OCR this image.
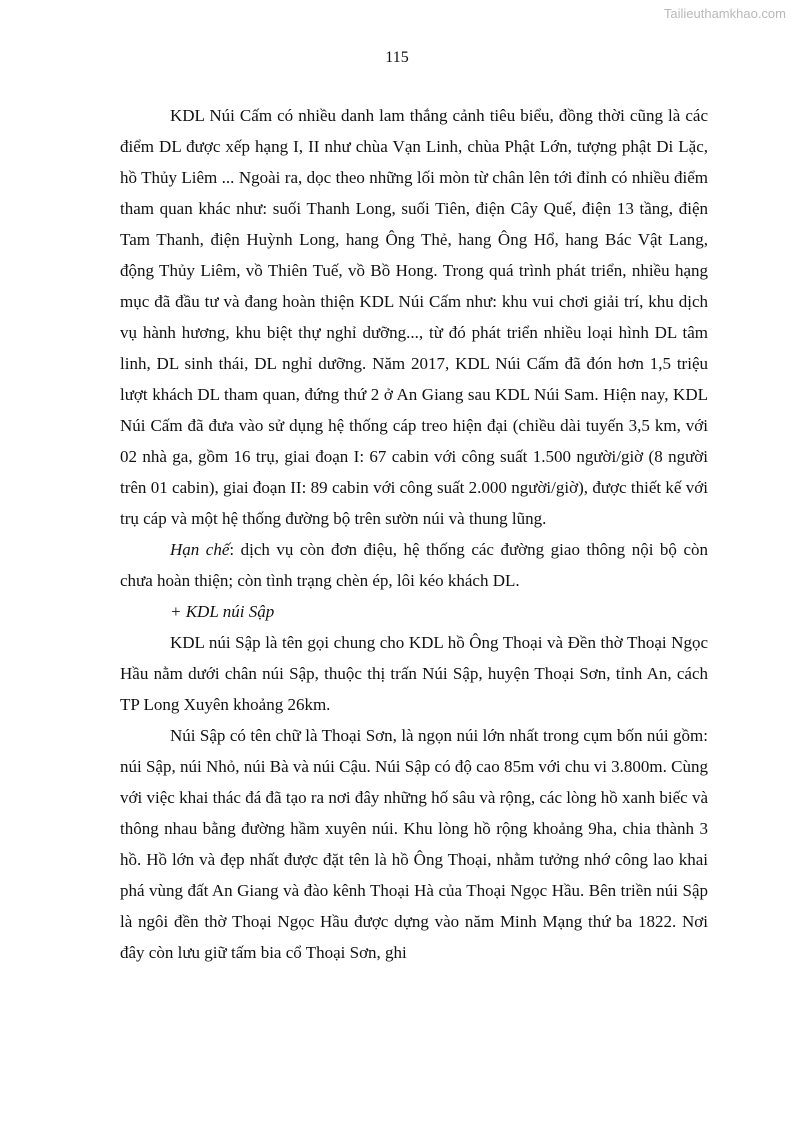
Tailieuthamkhao.com
115

KDL Núi Cấm có nhiều danh lam thắng cảnh tiêu biểu, đồng thời cũng là các điểm DL được xếp hạng I, II như chùa Vạn Linh, chùa Phật Lớn, tượng phật Di Lặc, hồ Thủy Liêm ... Ngoài ra, dọc theo những lối mòn từ chân lên tới đỉnh có nhiều điểm tham quan khác như: suối Thanh Long, suối Tiên, điện Cây Quế, điện 13 tầng, điện Tam Thanh, điện Huỳnh Long, hang Ông Thẻ, hang Ông Hổ, hang Bác Vật Lang, động Thủy Liêm, vồ Thiên Tuế, vồ Bồ Hong. Trong quá trình phát triển, nhiều hạng mục đã đầu tư và đang hoàn thiện KDL Núi Cấm như: khu vui chơi giải trí, khu dịch vụ hành hương, khu biệt thự nghỉ dưỡng..., từ đó phát triển nhiều loại hình DL tâm linh, DL sinh thái, DL nghỉ dưỡng. Năm 2017, KDL Núi Cấm đã đón hơn 1,5 triệu lượt khách DL tham quan, đứng thứ 2 ở An Giang sau KDL Núi Sam. Hiện nay, KDL Núi Cấm đã đưa vào sử dụng hệ thống cáp treo hiện đại (chiều dài tuyến 3,5 km, với 02 nhà ga, gồm 16 trụ, giai đoạn I: 67 cabin với công suất 1.500 người/giờ (8 người trên 01 cabin), giai đoạn II: 89 cabin với công suất 2.000 người/giờ), được thiết kế với trụ cáp và một hệ thống đường bộ trên sườn núi và thung lũng.

Hạn chế: dịch vụ còn đơn điệu, hệ thống các đường giao thông nội bộ còn chưa hoàn thiện; còn tình trạng chèn ép, lôi kéo khách DL.

+ KDL núi Sập

KDL núi Sập là tên gọi chung cho KDL hồ Ông Thoại và Đền thờ Thoại Ngọc Hầu nằm dưới chân núi Sập, thuộc thị trấn Núi Sập, huyện Thoại Sơn, tỉnh An, cách TP Long Xuyên khoảng 26km.

Núi Sập có tên chữ là Thoại Sơn, là ngọn núi lớn nhất trong cụm bốn núi gồm: núi Sập, núi Nhỏ, núi Bà và núi Cậu. Núi Sập có độ cao 85m với chu vi 3.800m. Cùng với việc khai thác đá đã tạo ra nơi đây những hố sâu và rộng, các lòng hồ xanh biếc và thông nhau bằng đường hầm xuyên núi. Khu lòng hồ rộng khoảng 9ha, chia thành 3 hồ. Hồ lớn và đẹp nhất được đặt tên là hồ Ông Thoại, nhằm tưởng nhớ công lao khai phá vùng đất An Giang và đào kênh Thoại Hà của Thoại Ngọc Hầu. Bên triền núi Sập là ngôi đền thờ Thoại Ngọc Hầu được dựng vào năm Minh Mạng thứ ba 1822. Nơi đây còn lưu giữ tấm bia cổ Thoại Sơn, ghi
